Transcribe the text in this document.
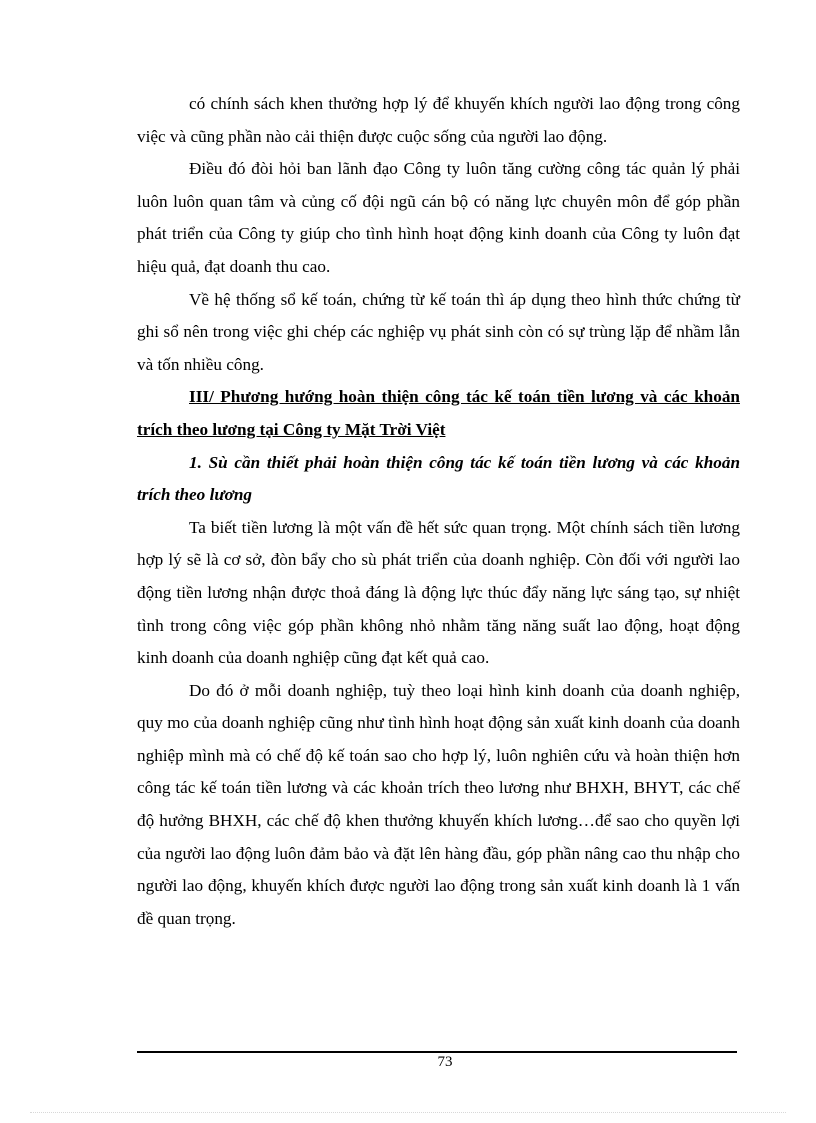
có chính sách khen thưởng hợp lý để khuyến khích người lao động trong công việc và cũng phần nào cải thiện được cuộc sống của người lao động.

Điều đó đòi hỏi ban lãnh đạo Công ty luôn tăng cường công tác quản lý phải luôn luôn quan tâm và củng cố đội ngũ cán bộ có năng lực chuyên môn để góp phần phát triển của Công ty giúp cho tình hình hoạt động kinh doanh của Công ty luôn đạt hiệu quả, đạt doanh thu cao.

Về hệ thống sổ kế toán, chứng từ kế toán thì áp dụng theo hình thức chứng từ ghi sổ nên trong việc ghi chép các nghiệp vụ phát sinh còn có sự trùng lặp để nhầm lẫn và tốn nhiều công.

III/ Phương hướng hoàn thiện công tác kế toán tiền lương và các khoản trích theo lương tại Công ty Mặt Trời Việt

1. Sù cần thiết phải hoàn thiện công tác kế toán tiền lương và các khoản trích theo lương

Ta biết tiền lương là một vấn đề hết sức quan trọng. Một chính sách tiền lương hợp lý sẽ là cơ sở, đòn bẩy cho sù phát triển của doanh nghiệp. Còn đối với người lao động tiền lương nhận được thoả đáng là động lực thúc đẩy năng lực sáng tạo, sự nhiệt tình trong công việc góp phần không nhỏ nhằm tăng năng suất lao động, hoạt động kinh doanh của doanh nghiệp cũng đạt kết quả cao.

Do đó ở mỗi doanh nghiệp, tuỳ theo loại hình kinh doanh của doanh nghiệp, quy mo của doanh nghiệp cũng như tình hình hoạt động sản xuất kinh doanh của doanh nghiệp mình mà có chế độ kế toán sao cho hợp lý, luôn nghiên cứu và hoàn thiện hơn công tác kế toán tiền lương và các khoản trích theo lương như BHXH, BHYT, các chế độ hưởng BHXH, các chế độ khen thưởng khuyến khích lương…để sao cho quyền lợi của người lao động luôn đảm bảo và đặt lên hàng đầu, góp phần nâng cao thu nhập cho người lao động, khuyến khích được người lao động trong sản xuất kinh doanh là 1 vấn đề quan trọng.

73
